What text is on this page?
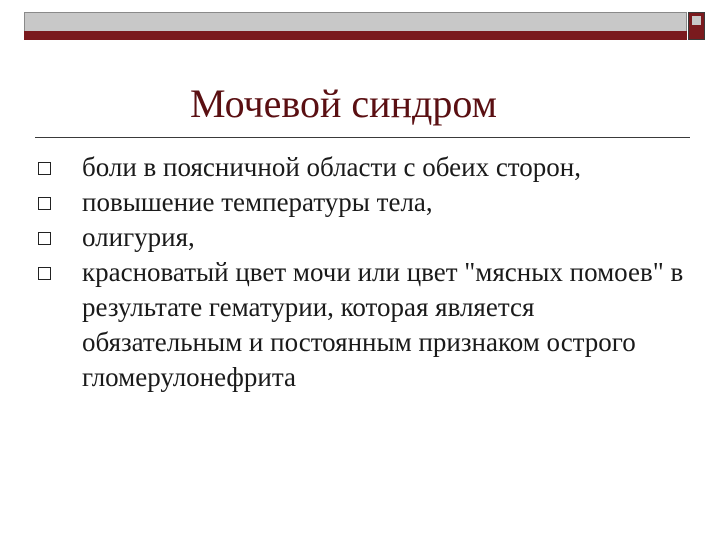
Мочевой синдром
боли в поясничной области с обеих сторон,
повышение температуры тела,
олигурия,
красноватый цвет мочи или цвет "мясных помоев" в результате гематурии, которая является обязательным и постоянным признаком острого гломерулонефрита
